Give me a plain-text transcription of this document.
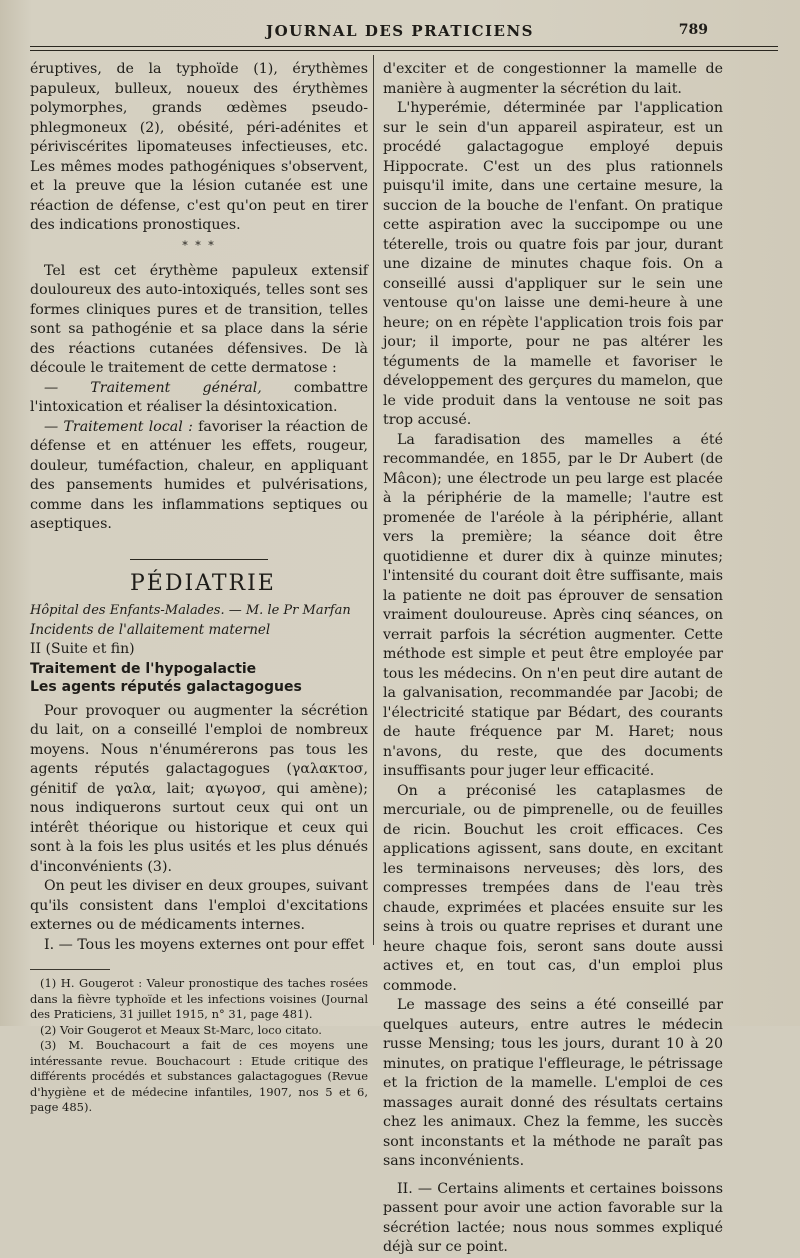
JOURNAL DES PRATICIENS	789

éruptives, de la typhoïde (1), érythèmes papuleux, bulleux, noueux des érythèmes polymorphes, grands œdèmes pseudo-phlegmoneux (2), obésité, péri-adénites et périviscérites lipomateuses infectieuses, etc. Les mêmes modes pathogéniques s'observent, et la preuve que la lésion cutanée est une réaction de défense, c'est qu'on peut en tirer des indications pronostiques.

* * *

Tel est cet érythème papuleux extensif douloureux des auto-intoxiqués, telles sont ses formes cliniques pures et de transition, telles sont sa pathogénie et sa place dans la série des réactions cutanées défensives. De là découle le traitement de cette dermatose :

— Traitement général, combattre l'intoxication et réaliser la désintoxication.

— Traitement local : favoriser la réaction de défense et en atténuer les effets, rougeur, douleur, tuméfaction, chaleur, en appliquant des pansements humides et pulvérisations, comme dans les inflammations septiques ou aseptiques.

PÉDIATRIE

Hôpital des Enfants-Malades. — M. le Pr Marfan

Incidents de l'allaitement maternel

II (Suite et fin)

Traitement de l'hypogalactie

Les agents réputés galactagogues

Pour provoquer ou augmenter la sécrétion du lait, on a conseillé l'emploi de nombreux moyens. Nous n'énumérerons pas tous les agents réputés galactagogues (γαλακτοσ, génitif de γαλα, lait; αγωγοσ, qui amène); nous indiquerons surtout ceux qui ont un intérêt théorique ou historique et ceux qui sont à la fois les plus usités et les plus dénués d'inconvénients (3).

On peut les diviser en deux groupes, suivant qu'ils consistent dans l'emploi d'excitations externes ou de médicaments internes.

I. — Tous les moyens externes ont pour effet

(1) H. Gougerot : Valeur pronostique des taches rosées dans la fièvre typhoïde et les infections voisines (Journal des Praticiens, 31 juillet 1915, n° 31, page 481).

(2) Voir Gougerot et Meaux St-Marc, loco citato.

(3) M. Bouchacourt a fait de ces moyens une intéressante revue. Bouchacourt : Etude critique des différents procédés et substances galactagogues (Revue d'hygiène et de médecine infantiles, 1907, nos 5 et 6, page 485).

d'exciter et de congestionner la mamelle de manière à augmenter la sécrétion du lait.

L'hyperémie, déterminée par l'application sur le sein d'un appareil aspirateur, est un procédé galactagogue employé depuis Hippocrate. C'est un des plus rationnels puisqu'il imite, dans une certaine mesure, la succion de la bouche de l'enfant. On pratique cette aspiration avec la succipompe ou une téterelle, trois ou quatre fois par jour, durant une dizaine de minutes chaque fois. On a conseillé aussi d'appliquer sur le sein une ventouse qu'on laisse une demi-heure à une heure; on en répète l'application trois fois par jour; il importe, pour ne pas altérer les téguments de la mamelle et favoriser le développement des gerçures du mamelon, que le vide produit dans la ventouse ne soit pas trop accusé.

La faradisation des mamelles a été recommandée, en 1855, par le Dr Aubert (de Mâcon); une électrode un peu large est placée à la périphérie de la mamelle; l'autre est promenée de l'aréole à la périphérie, allant vers la première; la séance doit être quotidienne et durer dix à quinze minutes; l'intensité du courant doit être suffisante, mais la patiente ne doit pas éprouver de sensation vraiment douloureuse. Après cinq séances, on verrait parfois la sécrétion augmenter. Cette méthode est simple et peut être employée par tous les médecins. On n'en peut dire autant de la galvanisation, recommandée par Jacobi; de l'électricité statique par Bédart, des courants de haute fréquence par M. Haret; nous n'avons, du reste, que des documents insuffisants pour juger leur efficacité.

On a préconisé les cataplasmes de mercuriale, ou de pimprenelle, ou de feuilles de ricin. Bouchut les croit efficaces. Ces applications agissent, sans doute, en excitant les terminaisons nerveuses; dès lors, des compresses trempées dans de l'eau très chaude, exprimées et placées ensuite sur les seins à trois ou quatre reprises et durant une heure chaque fois, seront sans doute aussi actives et, en tout cas, d'un emploi plus commode.

Le massage des seins a été conseillé par quelques auteurs, entre autres le médecin russe Mensing; tous les jours, durant 10 à 20 minutes, on pratique l'effleurage, le pétrissage et la friction de la mamelle. L'emploi de ces massages aurait donné des résultats certains chez les animaux. Chez la femme, les succès sont inconstants et la méthode ne paraît pas sans inconvénients.

II. — Certains aliments et certaines boissons passent pour avoir une action favorable sur la sécrétion lactée; nous nous sommes expliqué déjà sur ce point.
